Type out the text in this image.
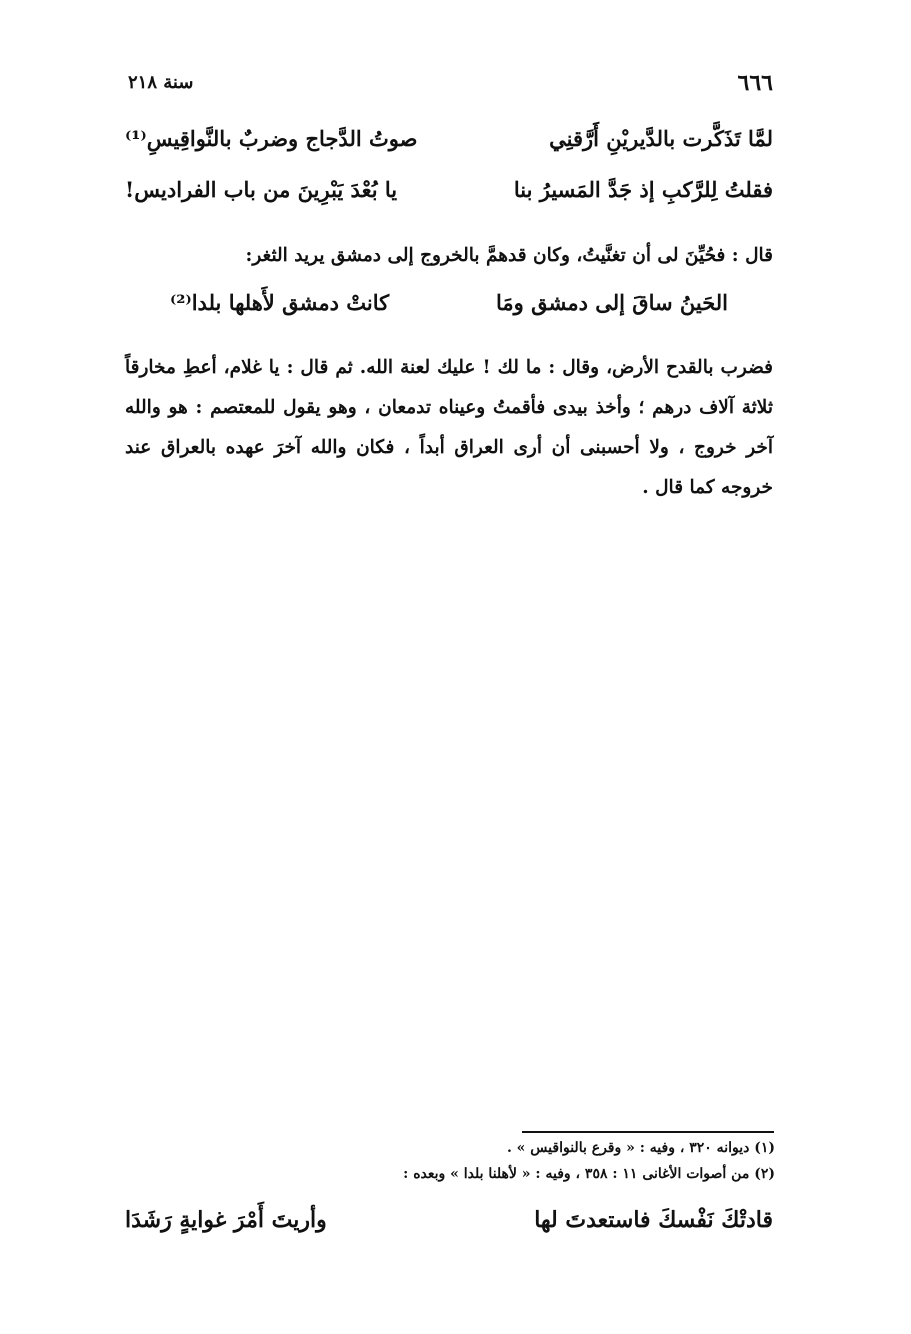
٦٦٦
سنة ٢١٨
لمَّا تَذَكَّرت بالدَّيريْنِ أَرَّقنِي
صوتُ الدَّجاج وضربٌ بالنَّواقِيسِ⁽¹⁾
فقلتُ لِلرَّكبِ إذ جَدَّ المَسيرُ بنا
يا بُعْدَ يَبْرِينَ من باب الفراديس!
قال : فحُيِّنَ لى أن تغنَّيتُ، وكان قدهمَّ بالخروج إلى دمشق يريد الثغر:
الحَينُ ساقَ إلى دمشق ومَا
كانتْ دمشق لأَهلها بلدا⁽²⁾
فضرب بالقدح الأرض، وقال : ما لك ! عليك لعنة الله. ثم قال : يا غلام، أعطِ مخارقاً ثلاثة آلاف درهم ؛ وأخذ بيدى فأقمتُ وعيناه تدمعان ، وهو يقول للمعتصم : هو والله آخر خروج ، ولا أحسبنى أن أرى العراق أبداً ، فكان والله آخرَ عهده بالعراق عند خروجه كما قال .
(١) ديوانه ٣٢٠ ، وفيه : « وقرع بالنواقيس » .
(٢) من أصوات الأغانى ١١ : ٣٥٨ ، وفيه : « لأهلنا بلدا » وبعده :
قادتْكَ نَفْسكَ فاستعدتَ لها
وأريتَ أَمْرَ غوايةٍ رَشَدَا
